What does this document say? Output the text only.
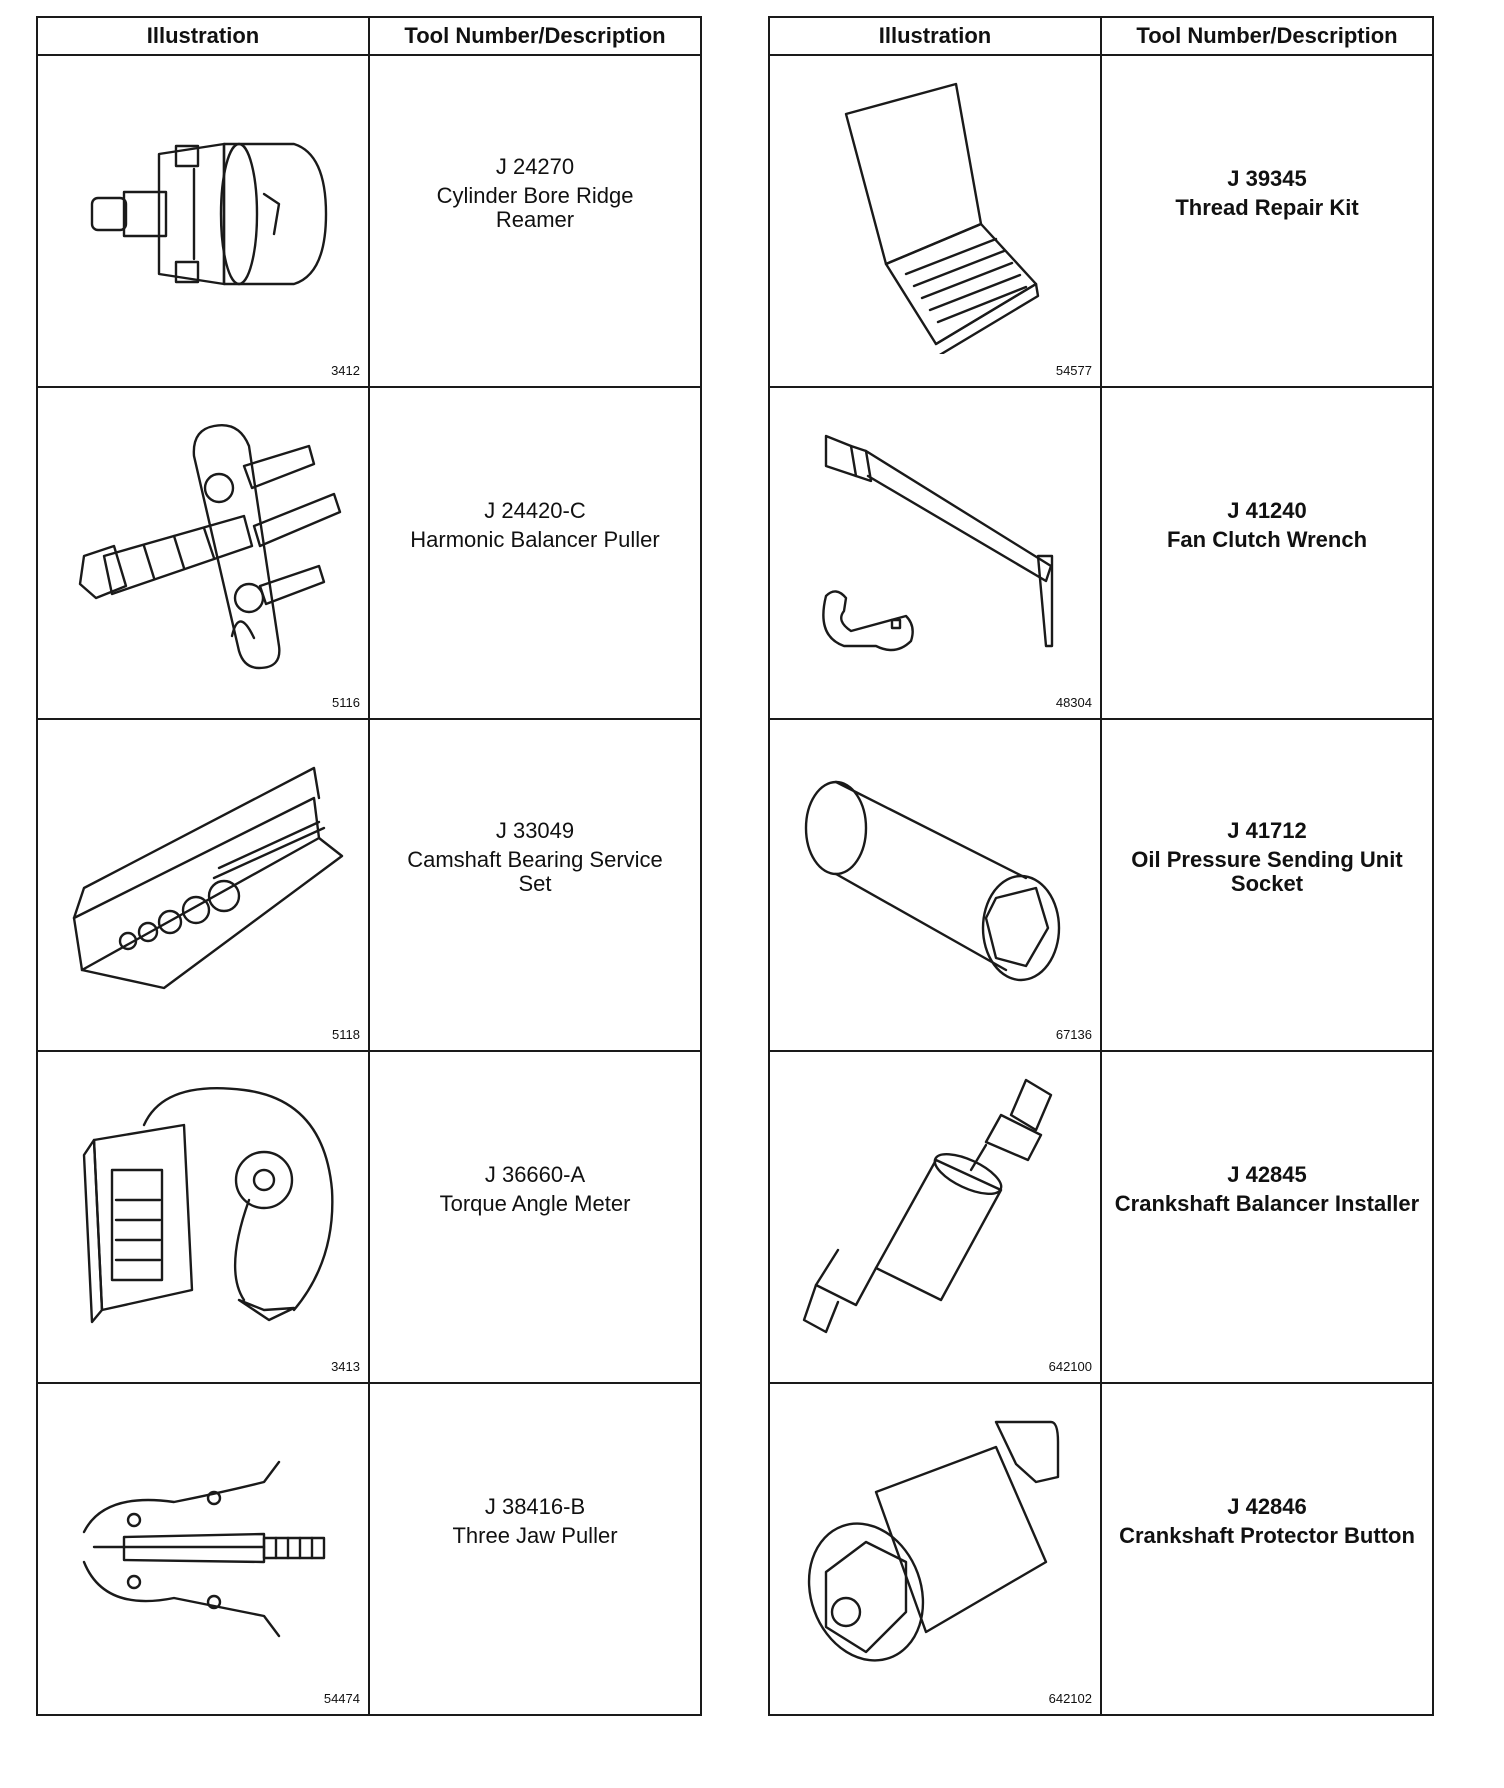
Illustration	Tool Number/Description

3412	J 24270
Cylinder Bore Ridge Reamer

5116	J 24420-C
Harmonic Balancer Puller

5118	J 33049
Camshaft Bearing Service Set

3413	J 36660-A
Torque Angle Meter

54474	J 38416-B
Three Jaw Puller
Illustration	Tool Number/Description

54577	J 39345
Thread Repair Kit

48304	J 41240
Fan Clutch Wrench

67136	J 41712
Oil Pressure Sending Unit Socket

642100	J 42845
Crankshaft Balancer Installer

642102	J 42846
Crankshaft Protector Button
